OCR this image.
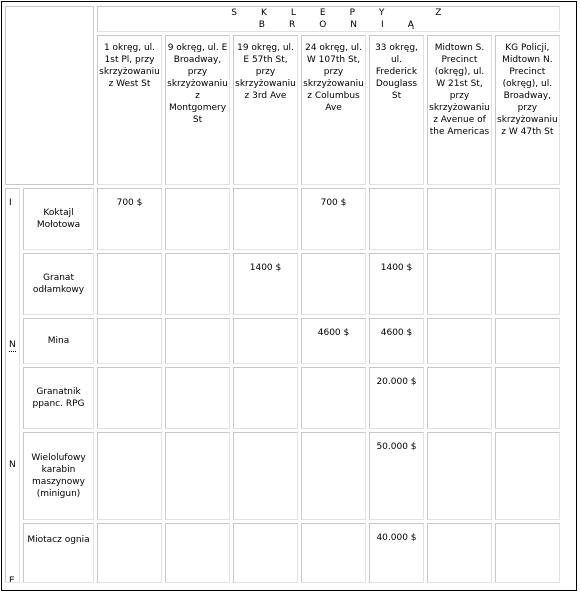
		SKLEPY Z BRONIĄ						

		1 okręg, ul. 1st Pl, przy skrzyżowaniu z West St	9 okręg, ul. E Broadway, przy skrzyżowaniu z Montgomery St	19 okręg, ul. E 57th St, przy skrzyżowaniu z 3rd Ave	24 okręg, ul. W 107th St, przy skrzyżowaniu z Columbus Ave	33 okręg, ul. Frederick Douglass St	Midtown S. Precinct (okręg), ul. W 21st St, przy skrzyżowaniu z Avenue of the Americas	KG Policji, Midtown N. Precinct (okręg), ul. Broadway, przy skrzyżowaniu z W 47th St

I
N
N
E	Koktajl Mołotowa	700 $			700 $			

	Granat odłamkowy			1400 $		1400 $		

	Mina				4600 $	4600 $		

	Granatnik ppanc. RPG					20.000 $		

	Wielolufowy karabin maszynowy (minigun)					50.000 $		

	Miotacz ognia					40.000 $		
